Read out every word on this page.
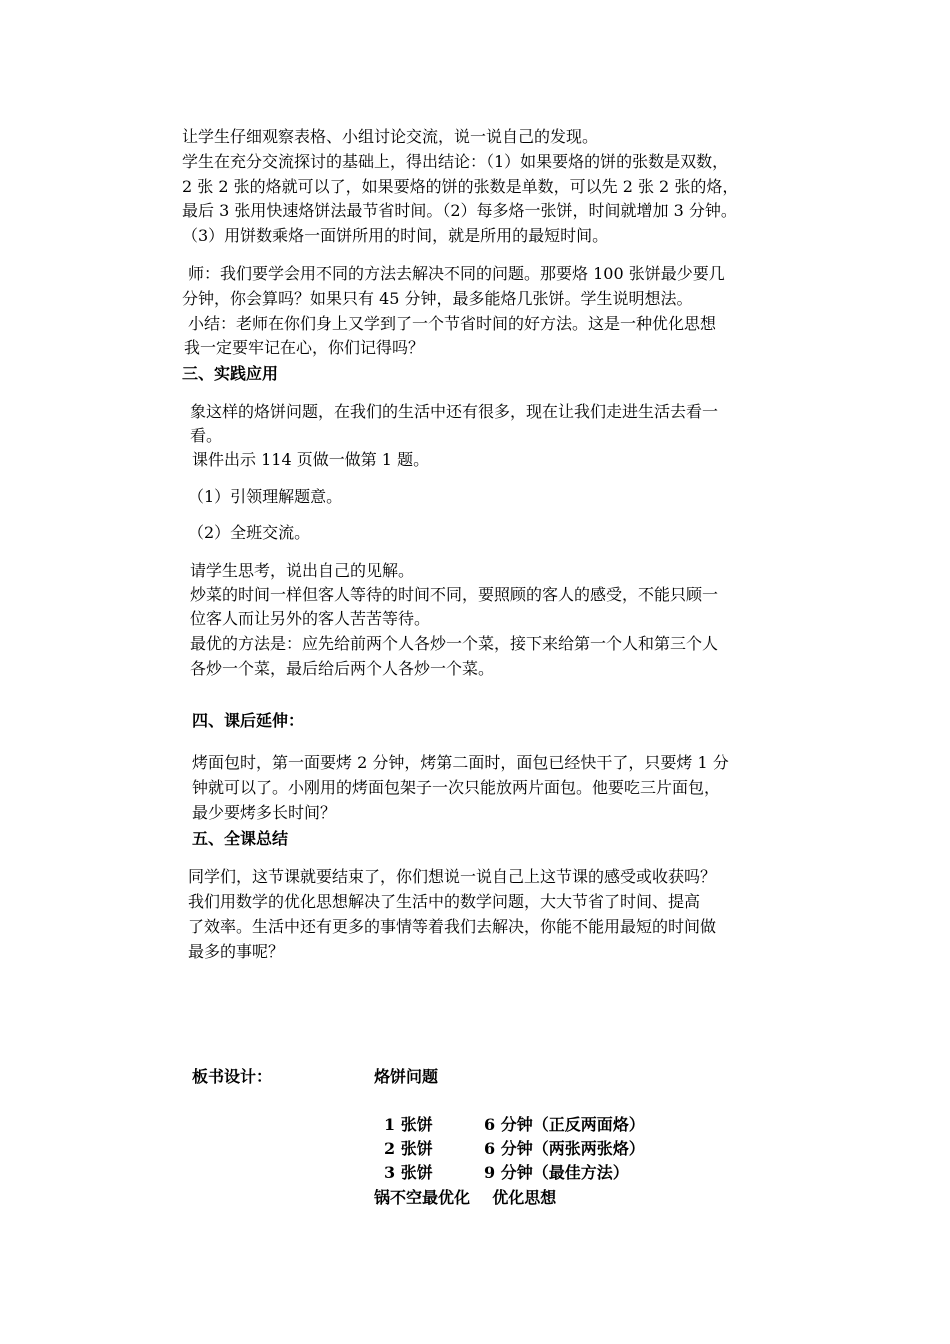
让学生仔细观察表格、小组讨论交流，说一说自己的发现。
学生在充分交流探讨的基础上，得出结论：（1）如果要烙的饼的张数是双数，
2 张 2 张的烙就可以了，如果要烙的饼的张数是单数，可以先 2 张 2 张的烙，
最后 3 张用快速烙饼法最节省时间。（2）每多烙一张饼，时间就增加 3 分钟。
（3）用饼数乘烙一面饼所用的时间，就是所用的最短时间。
师：我们要学会用不同的方法去解决不同的问题。那要烙 100 张饼最少要几
分钟，你会算吗？如果只有 45 分钟，最多能烙几张饼。学生说明想法。
小结：老师在你们身上又学到了一个节省时间的好方法。这是一种优化思想
我一定要牢记在心，你们记得吗？
三、实践应用
象这样的烙饼问题，在我们的生活中还有很多，现在让我们走进生活去看一
看。
课件出示 114 页做一做第 1 题。
（1）引领理解题意。
（2）全班交流。
请学生思考，说出自己的见解。
炒菜的时间一样但客人等待的时间不同，要照顾的客人的感受，不能只顾一
位客人而让另外的客人苦苦等待。
最优的方法是：应先给前两个人各炒一个菜，接下来给第一个人和第三个人
各炒一个菜，最后给后两个人各炒一个菜。
四、课后延伸：
烤面包时，第一面要烤 2 分钟，烤第二面时，面包已经快干了，只要烤 1 分
钟就可以了。小刚用的烤面包架子一次只能放两片面包。他要吃三片面包，
最少要烤多长时间？
五、全课总结
同学们，这节课就要结束了，你们想说一说自己上这节课的感受或收获吗？
我们用数学的优化思想解决了生活中的数学问题，大大节省了时间、提高
了效率。生活中还有更多的事情等着我们去解决，你能不能用最短的时间做
最多的事呢？
板书设计：	烙饼问题
1 张饼	6 分钟（正反两面烙）
2 张饼	6 分钟（两张两张烙）
3 张饼	9 分钟（最佳方法）
锅不空最优化    优化思想
